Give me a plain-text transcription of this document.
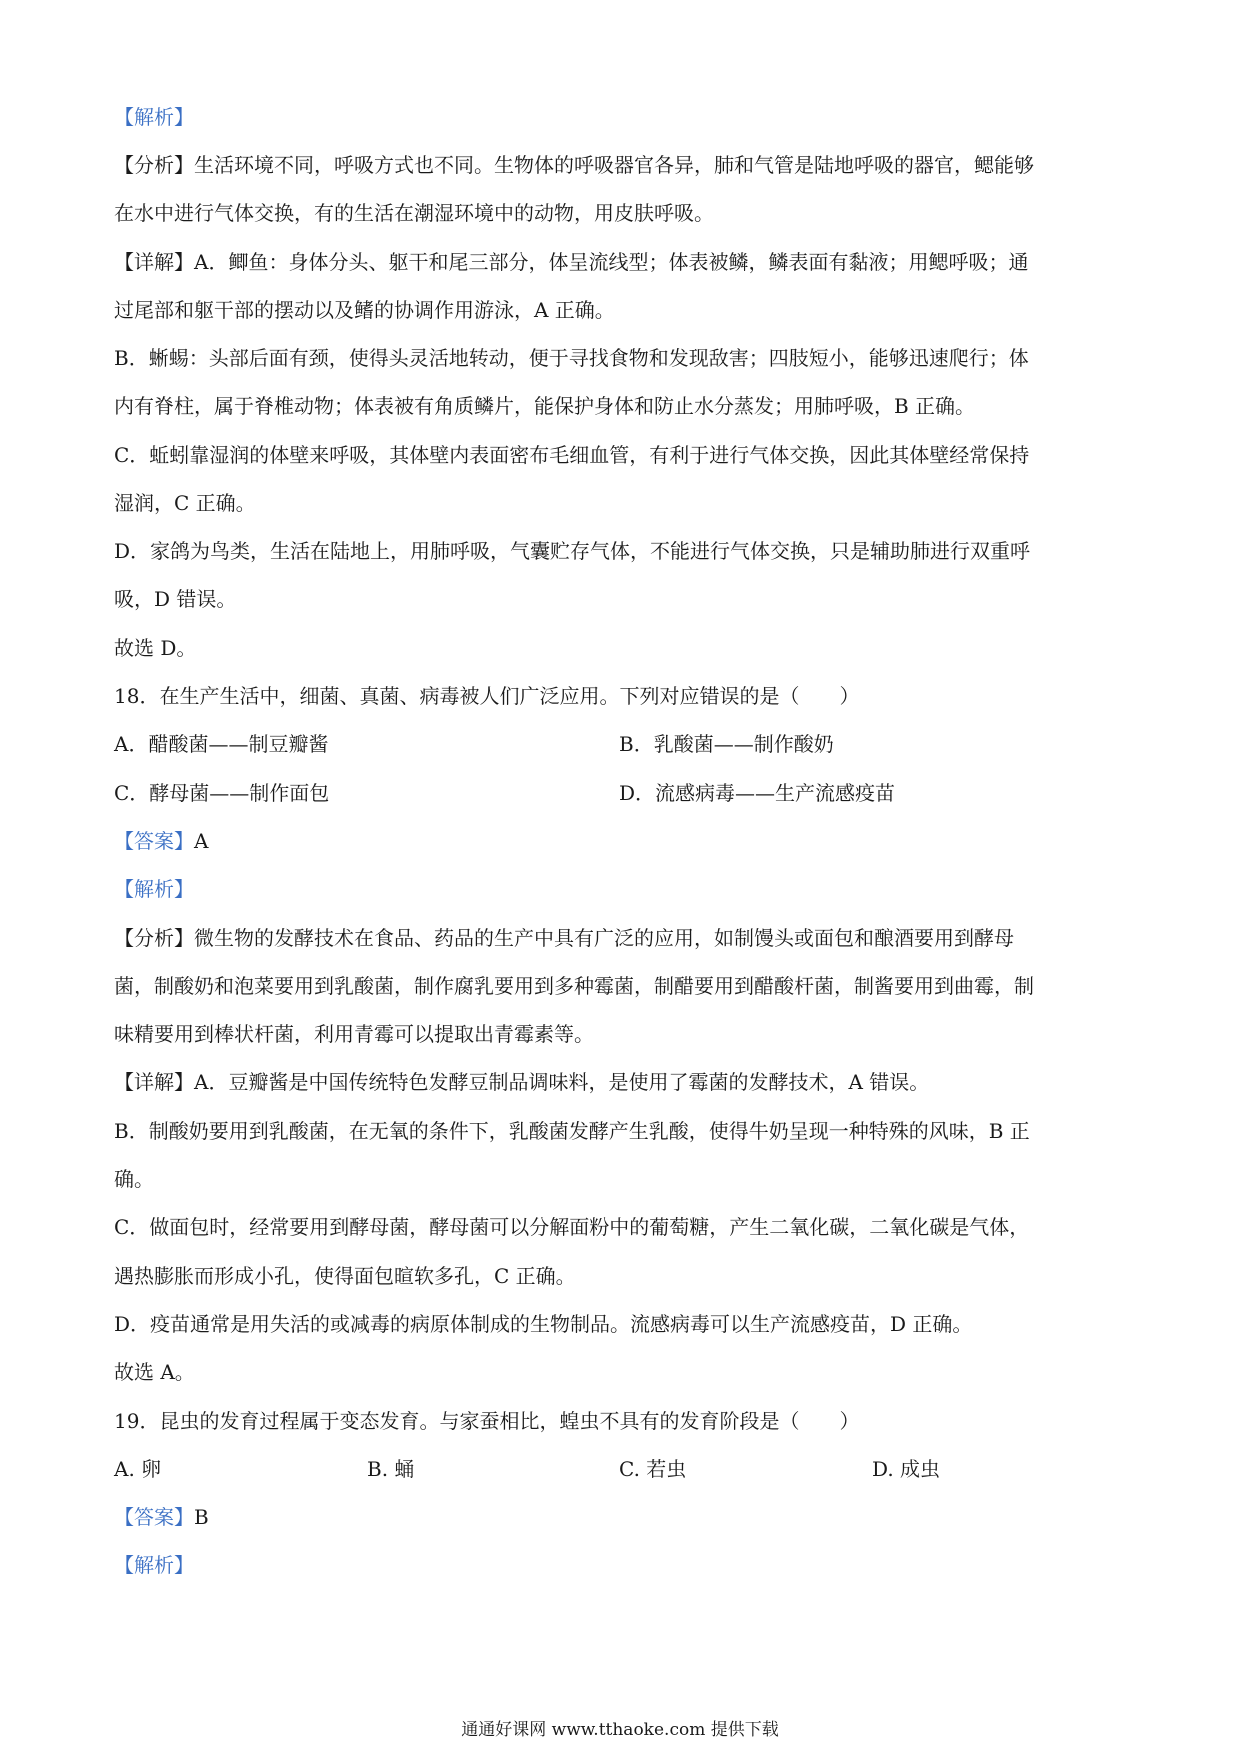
【解析】
【分析】生活环境不同，呼吸方式也不同。生物体的呼吸器官各异，肺和气管是陆地呼吸的器官，鳃能够
在水中进行气体交换，有的生活在潮湿环境中的动物，用皮肤呼吸。
【详解】A．鲫鱼：身体分头、躯干和尾三部分，体呈流线型；体表被鳞，鳞表面有黏液；用鳃呼吸；通
过尾部和躯干部的摆动以及鳍的协调作用游泳，A 正确。
B．蜥蜴：头部后面有颈，使得头灵活地转动，便于寻找食物和发现敌害；四肢短小，能够迅速爬行；体
内有脊柱，属于脊椎动物；体表被有角质鳞片，能保护身体和防止水分蒸发；用肺呼吸，B 正确。
C．蚯蚓靠湿润的体壁来呼吸，其体壁内表面密布毛细血管，有利于进行气体交换，因此其体壁经常保持
湿润，C 正确。
D．家鸽为鸟类，生活在陆地上，用肺呼吸，气囊贮存气体，不能进行气体交换，只是辅助肺进行双重呼
吸，D 错误。
故选 D。
18．在生产生活中，细菌、真菌、病毒被人们广泛应用。下列对应错误的是（　　）
A．醋酸菌——制豆瓣酱	B．乳酸菌——制作酸奶
C．酵母菌——制作面包	D．流感病毒——生产流感疫苗
【答案】A
【解析】
【分析】微生物的发酵技术在食品、药品的生产中具有广泛的应用，如制馒头或面包和酿酒要用到酵母
菌，制酸奶和泡菜要用到乳酸菌，制作腐乳要用到多种霉菌，制醋要用到醋酸杆菌，制酱要用到曲霉，制
味精要用到棒状杆菌，利用青霉可以提取出青霉素等。
【详解】A．豆瓣酱是中国传统特色发酵豆制品调味料，是使用了霉菌的发酵技术，A 错误。
B．制酸奶要用到乳酸菌，在无氧的条件下，乳酸菌发酵产生乳酸，使得牛奶呈现一种特殊的风味，B 正
确。
C．做面包时，经常要用到酵母菌，酵母菌可以分解面粉中的葡萄糖，产生二氧化碳，二氧化碳是气体，
遇热膨胀而形成小孔，使得面包暄软多孔，C 正确。
D．疫苗通常是用失活的或减毒的病原体制成的生物制品。流感病毒可以生产流感疫苗，D 正确。
故选 A。
19．昆虫的发育过程属于变态发育。与家蚕相比，蝗虫不具有的发育阶段是（　　）
A. 卵	B. 蛹	C. 若虫	D. 成虫
【答案】B
【解析】
通通好课网 www.tthaoke.com 提供下载
